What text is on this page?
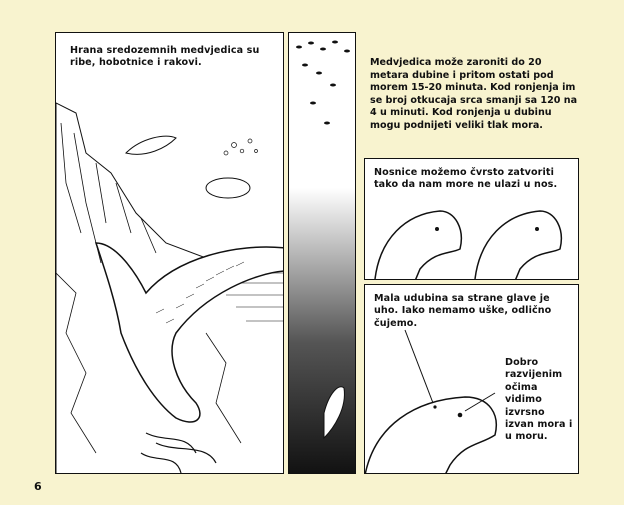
Hrana sredozemnih medvjedica su ribe, hobotnice i rakovi.	Medvjedica može zaroniti do 20 metara dubine i pritom ostati pod morem 15-20 minuta. Kod ronjenja im se broj otkucaja srca smanji sa 120 na 4 u minuti. Kod ronjenja u dubinu mogu podnijeti veliki tlak mora.
Nosnice možemo čvrsto zatvoriti tako da nam more ne ulazi u nos.
Mala udubina sa strane glave je uho. Iako nemamo uške, odlično čujemo.
Dobro razvijenim očima vidimo izvrsno izvan mora i u moru.
6
